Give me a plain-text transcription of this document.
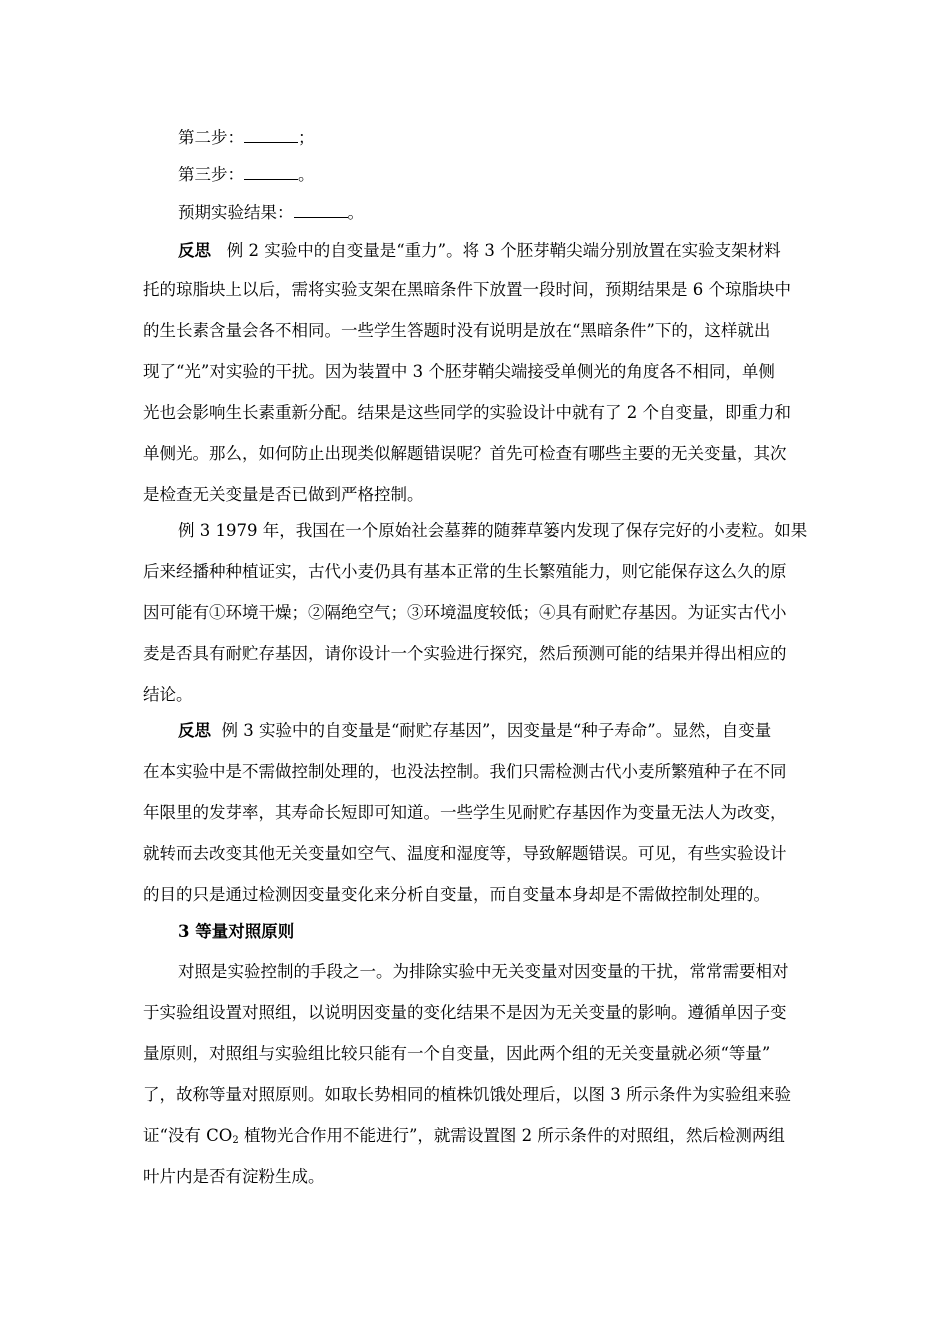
第二步：	；
第三步：	。
预期实验结果：	。
反思 例 2 实验中的自变量是“重力”。将 3 个胚芽鞘尖端分别放置在实验支架材料
托的琼脂块上以后，需将实验支架在黑暗条件下放置一段时间，预期结果是 6 个琼脂块中
的生长素含量会各不相同。一些学生答题时没有说明是放在“黑暗条件”下的，这样就出
现了“光”对实验的干扰。因为装置中 3 个胚芽鞘尖端接受单侧光的角度各不相同，单侧
光也会影响生长素重新分配。结果是这些同学的实验设计中就有了 2 个自变量，即重力和
单侧光。那么，如何防止出现类似解题错误呢？首先可检查有哪些主要的无关变量，其次
是检查无关变量是否已做到严格控制。
例 3 1979 年，我国在一个原始社会墓葬的随葬草篓内发现了保存完好的小麦粒。如果
后来经播种种植证实，古代小麦仍具有基本正常的生长繁殖能力，则它能保存这么久的原
因可能有①环境干燥；②隔绝空气；③环境温度较低；④具有耐贮存基因。为证实古代小
麦是否具有耐贮存基因，请你设计一个实验进行探究，然后预测可能的结果并得出相应的
结论。
反思 例 3 实验中的自变量是“耐贮存基因”，因变量是“种子寿命”。显然，自变量
在本实验中是不需做控制处理的，也没法控制。我们只需检测古代小麦所繁殖种子在不同
年限里的发芽率，其寿命长短即可知道。一些学生见耐贮存基因作为变量无法人为改变，
就转而去改变其他无关变量如空气、温度和湿度等，导致解题错误。可见，有些实验设计
的目的只是通过检测因变量变化来分析自变量，而自变量本身却是不需做控制处理的。
3 等量对照原则
对照是实验控制的手段之一。为排除实验中无关变量对因变量的干扰，常常需要相对
于实验组设置对照组，以说明因变量的变化结果不是因为无关变量的影响。遵循单因子变
量原则，对照组与实验组比较只能有一个自变量，因此两个组的无关变量就必须“等量”
了，故称等量对照原则。如取长势相同的植株饥饿处理后，以图 3 所示条件为实验组来验
证“没有 $CO_2$ 植物光合作用不能进行”，就需设置图 2 所示条件的对照组，然后检测两组
叶片内是否有淀粉生成。
